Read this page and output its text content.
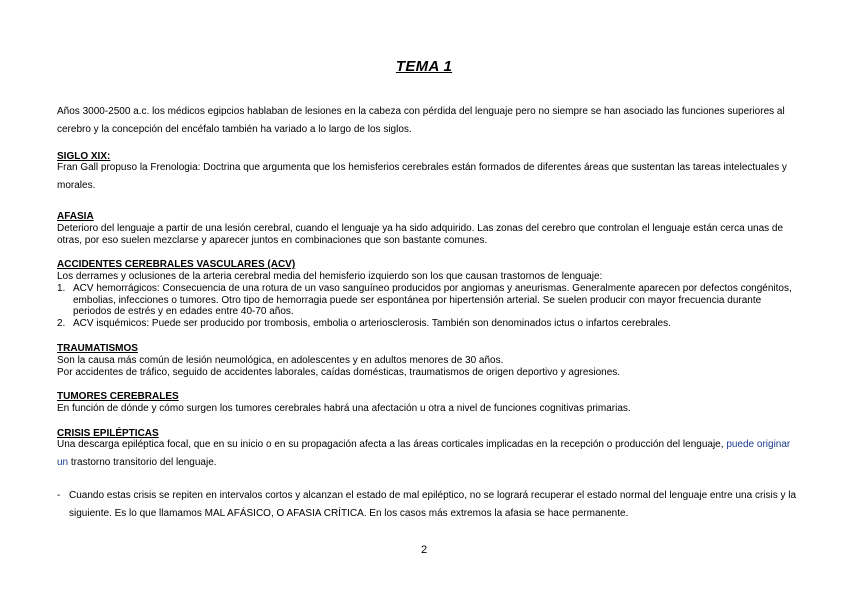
TEMA 1
Años 3000-2500 a.c. los médicos egipcios hablaban de lesiones en la cabeza con pérdida del lenguaje pero no siempre se han asociado las funciones superiores al cerebro y la concepción del encéfalo también ha variado a lo largo de los siglos.
SIGLO XIX:
Fran Gall propuso la Frenologia: Doctrina que argumenta que los hemisferios cerebrales están formados de diferentes áreas que sustentan las tareas intelectuales y morales.
AFASIA
Deterioro del lenguaje a partir de una lesión cerebral, cuando el lenguaje ya ha sido adquirido. Las zonas del cerebro que controlan el lenguaje están cerca unas de otras, por eso suelen mezclarse y aparecer juntos en combinaciones que son bastante comunes.
ACCIDENTES CEREBRALES VASCULARES (ACV)
Los derrames y oclusiones de la arteria cerebral media del hemisferio izquierdo son los que causan trastornos de lenguaje:
1. ACV hemorrágicos: Consecuencia de una rotura de un vaso sanguíneo producidos por angiomas y aneurismas. Generalmente aparecen por defectos congénitos, embolias, infecciones o tumores. Otro tipo de hemorragia puede ser espontánea por hipertensión arterial. Se suelen producir con mayor frecuencia durante periodos de estrés y en edades entre 40-70 años.
2. ACV isquémicos: Puede ser producido por trombosis, embolia o arteriosclerosis. También son denominados ictus o infartos cerebrales.
TRAUMATISMOS
Son la causa más común de lesión neumológica, en adolescentes y en adultos menores de 30 años.
Por accidentes de tráfico, seguido de accidentes laborales, caídas domésticas, traumatismos de origen deportivo y agresiones.
TUMORES CEREBRALES
En función de dónde y cómo surgen los tumores cerebrales habrá una afectación u otra a nivel de funciones cognitivas primarias.
CRISIS EPILÉPTICAS
Una descarga epiléptica focal, que en su inicio o en su propagación afecta a las áreas corticales implicadas en la recepción o producción del lenguaje, puede originar un trastorno transitorio del lenguaje.
- Cuando estas crisis se repiten en intervalos cortos y alcanzan el estado de mal epiléptico, no se logrará recuperar el estado normal del lenguaje entre una crisis y la siguiente. Es lo que llamamos MAL AFÁSICO, O AFASIA CRÍTICA. En los casos más extremos la afasia se hace permanente.
2
